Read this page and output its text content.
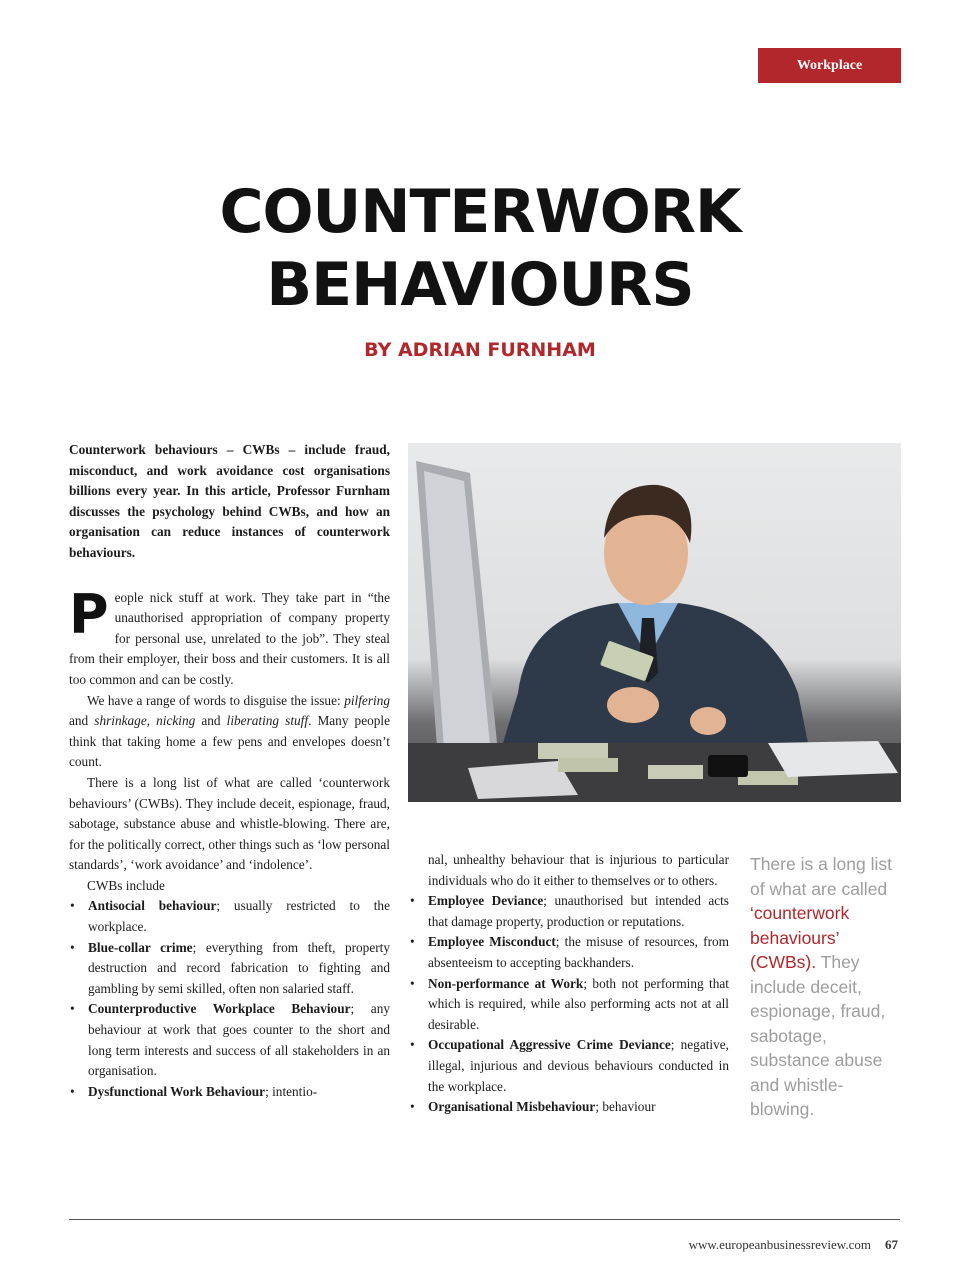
Workplace
COUNTERWORK
BEHAVIOURS
BY ADRIAN FURNHAM

Counterwork behaviours – CWBs – include fraud, misconduct, and work avoidance cost organisations billions every year. In this article, Professor Furnham discusses the psychology behind CWBs, and how an organisation can reduce instances of counterwork behaviours.

People nick stuff at work. They take part in “the unauthorised appropriation of company property for personal use, unrelated to the job”. They steal from their employer, their boss and their customers. It is all too common and can be costly.

We have a range of words to disguise the issue: pilfering and shrinkage, nicking and liberating stuff. Many people think that taking home a few pens and envelopes doesn’t count.

There is a long list of what are called ‘counterwork behaviours’ (CWBs). They include deceit, espionage, fraud, sabotage, substance abuse and whistle-blowing. There are, for the politically correct, other things such as ‘low personal standards’, ‘work avoidance’ and ‘indolence’.

CWBs include

• Antisocial behaviour; usually restricted to the workplace.
• Blue-collar crime; everything from theft, property destruction and record fabrication to fighting and gambling by semi skilled, often non salaried staff.
• Counterproductive Workplace Behaviour; any behaviour at work that goes counter to the short and long term interests and success of all stakeholders in an organisation.
• Dysfunctional Work Behaviour; intentio-

nal, unhealthy behaviour that is injurious to particular individuals who do it either to themselves or to others.

• Employee Deviance; unauthorised but intended acts that damage property, production or reputations.
• Employee Misconduct; the misuse of resources, from absenteeism to accepting backhanders.
• Non-performance at Work; both not performing that which is required, while also performing acts not at all desirable.
• Occupational Aggressive Crime Deviance; negative, illegal, injurious and devious behaviours conducted in the workplace.
• Organisational Misbehaviour; behaviour
There is a long list of what are called ‘counterwork behaviours’ (CWBs). They include deceit, espionage, fraud, sabotage, substance abuse and whistle-blowing.
www.europeanbusinessreview.com 67
